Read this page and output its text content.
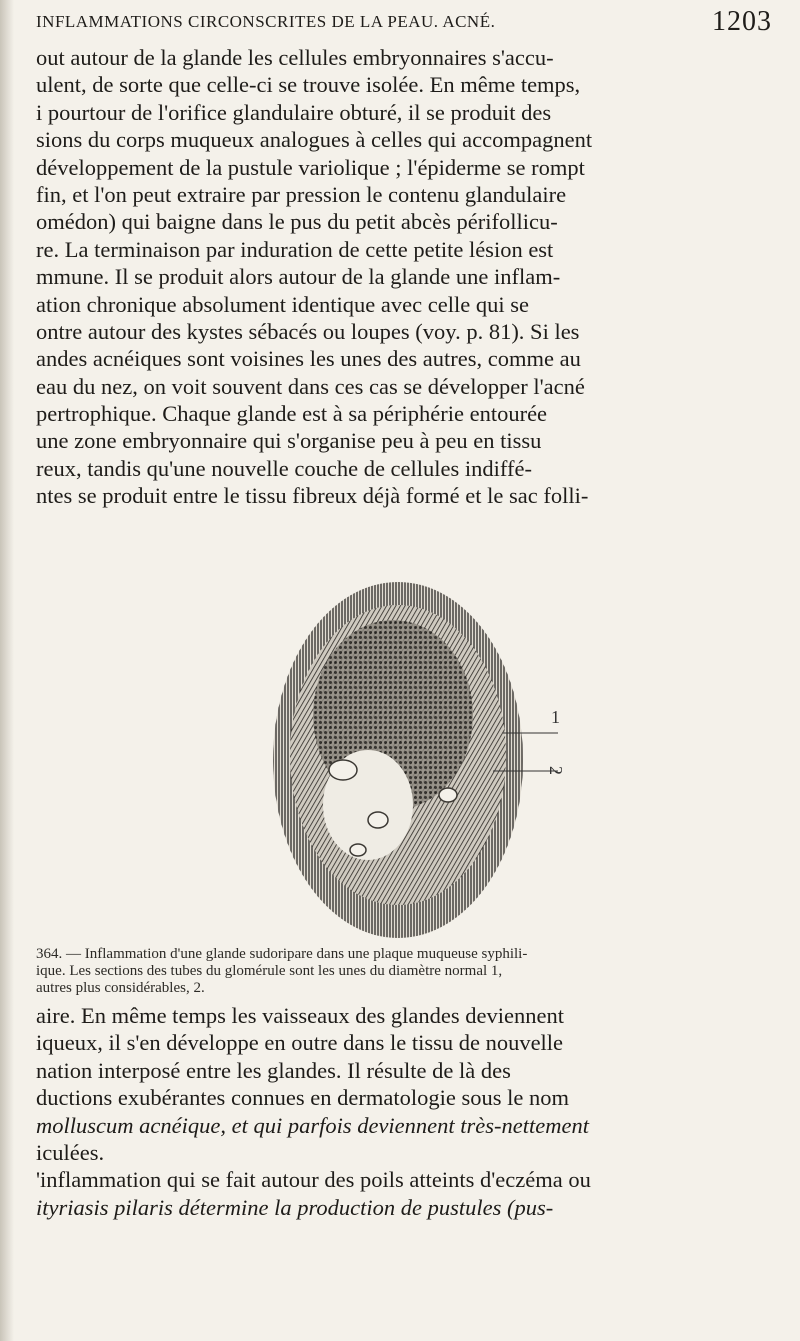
INFLAMMATIONS CIRCONSCRITES DE LA PEAU. ACNÉ.	1203
out autour de la glande les cellules embryonnaires s'accu-
ulent, de sorte que celle-ci se trouve isolée. En même temps,
i pourtour de l'orifice glandulaire obturé, il se produit des
sions du corps muqueux analogues à celles qui accompagnent
développement de la pustule variolique ; l'épiderme se rompt
fin, et l'on peut extraire par pression le contenu glandulaire
omédon) qui baigne dans le pus du petit abcès périfollicu-
re. La terminaison par induration de cette petite lésion est
mmune. Il se produit alors autour de la glande une inflam-
ation chronique absolument identique avec celle qui se
ontre autour des kystes sébacés ou loupes (voy. p. 81). Si les
andes acnéiques sont voisines les unes des autres, comme au
eau du nez, on voit souvent dans ces cas se développer l'acné
pertrophique. Chaque glande est à sa périphérie entourée
une zone embryonnaire qui s'organise peu à peu en tissu
reux, tandis qu'une nouvelle couche de cellules indiffé-
ntes se produit entre le tissu fibreux déjà formé et le sac folli-
1
2
364. — Inflammation d'une glande sudoripare dans une plaque muqueuse syphili-
ique. Les sections des tubes du glomérule sont les unes du diamètre normal 1,
autres plus considérables, 2.
aire. En même temps les vaisseaux des glandes deviennent
iqueux, il s'en développe en outre dans le tissu de nouvelle
nation interposé entre les glandes. Il résulte de là des
ductions exubérantes connues en dermatologie sous le nom
molluscum acnéique, et qui parfois deviennent très-nettement
iculées.
'inflammation qui se fait autour des poils atteints d'eczéma ou
ityriasis pilaris détermine la production de pustules (pus-
